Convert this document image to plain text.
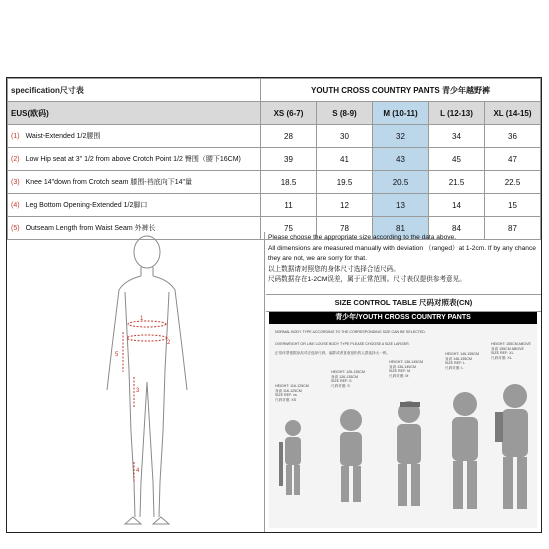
specification尺寸表	YOUTH CROSS COUNTRY PANTS 青少年越野裤				
EUS(欧码)	XS (6-7)	S (8-9)	M (10-11)	L (12-13)	XL (14-15)
(1) Waist-Extended 1/2腰围	28	30	32	34	36
(2) Low Hip seat at 3" 1/2 from above Crotch Point 1/2 臀围（腰下16CM)	39	41	43	45	47
(3) Knee 14"down from Crotch seam 膝围-裆底向下14"量	18.5	19.5	20.5	21.5	22.5
(4) Leg Bottom Opening-Extended 1/2脚口	11	12	13	14	15
(5) Outseam Length from Waist Seam 外裤长	75	78	81	84	87
1
2
3
4
5
Please choose the appropriate size according to the data above.
All dimensions are measured manually with deviation （ranged）at 1-2cm. If by any chance they are not, we are sorry for that.
以上数据请对照您的身体尺寸选择合适尺码。
尺码数据存在1-2CM误差，属于正常范围。尺寸表仅提供参考意见。
SIZE CONTROL TABLE 尺码对照表(CN)
青少年/YOUTH CROSS COUNTRY PANTS
NORMAL BODY TYPE ACCORDING TO THE CORRESPONDING SIZE CAN BE SELECTED.
OVERWEIGHT OR LIKE LOOSE BODY TYPE PLEASE CHOOSE A SIZE LARGER.
正常体型根据身高对应选择尺码，偏胖或者喜欢宽松的人群选择大一码。
HEIGHT: 116-125CM
身高 116-125CM
SIZE REF: xs
尺码对照: XS
HEIGHT: 126-135CM
身高 126-135CM
SIZE REF: S
尺码对照: S
HEIGHT: 136-145CM
身高 136-145CM
SIZE REF: M
尺码对照: M
HEIGHT: 146-155CM
身高 146-155CM
SIZE REF: L
尺码对照: L
HEIGHT: 155CM ABOVE
身高 155CM ABOVE
SIZE REF: XL
尺码对照: XL
